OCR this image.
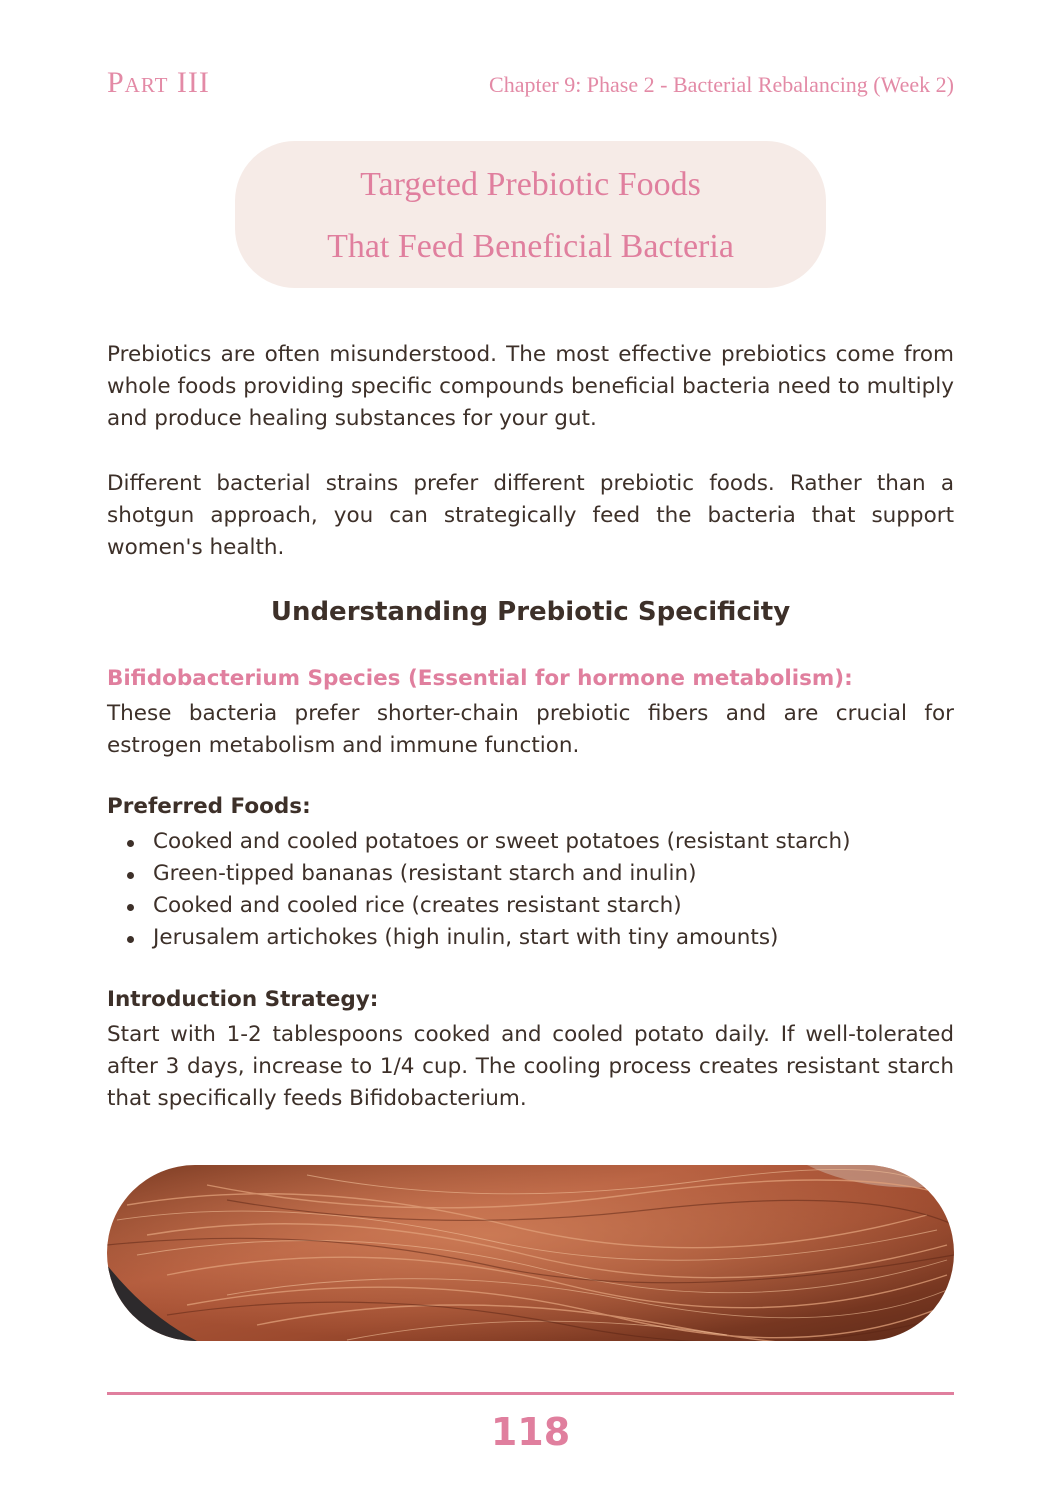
Part III	Chapter 9: Phase 2 - Bacterial Rebalancing (Week 2)
Targeted Prebiotic Foods
That Feed Beneficial Bacteria

Prebiotics are often misunderstood. The most effective prebiotics come from whole foods providing specific compounds beneficial bacteria need to multiply and produce healing substances for your gut.

Different bacterial strains prefer different prebiotic foods. Rather than a shotgun approach, you can strategically feed the bacteria that support women's health.

Understanding Prebiotic Specificity
Bifidobacterium Species (Essential for hormone metabolism):

These bacteria prefer shorter-chain prebiotic fibers and are crucial for estrogen metabolism and immune function.

Preferred Foods:
Cooked and cooled potatoes or sweet potatoes (resistant starch)
Green-tipped bananas (resistant starch and inulin)
Cooked and cooled rice (creates resistant starch)
Jerusalem artichokes (high inulin, start with tiny amounts)
Introduction Strategy:

Start with 1-2 tablespoons cooked and cooled potato daily. If well-tolerated after 3 days, increase to 1/4 cup. The cooling process creates resistant starch that specifically feeds Bifidobacterium.

118
